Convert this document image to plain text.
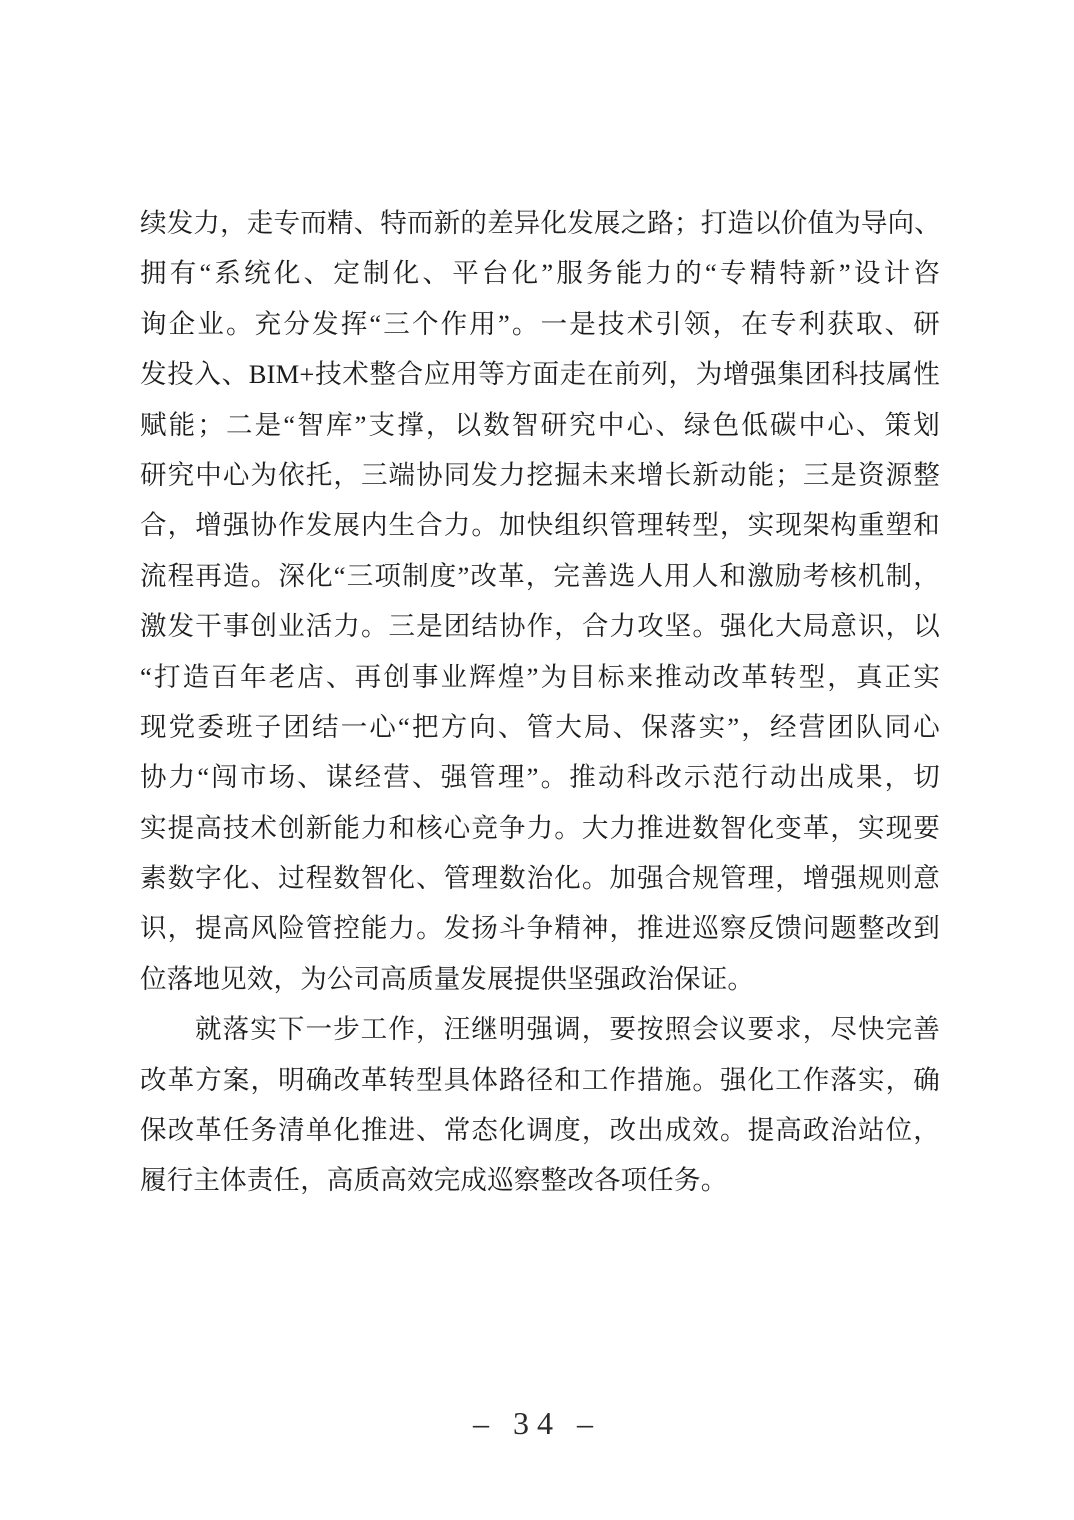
续发力，走专而精、特而新的差异化发展之路；打造以价值为导向、
拥有“系统化、定制化、平台化”服务能力的“专精特新”设计咨
询企业。充分发挥“三个作用”。一是技术引领，在专利获取、研
发投入、BIM+技术整合应用等方面走在前列，为增强集团科技属性
赋能；二是“智库”支撑，以数智研究中心、绿色低碳中心、策划
研究中心为依托，三端协同发力挖掘未来增长新动能；三是资源整
合，增强协作发展内生合力。加快组织管理转型，实现架构重塑和
流程再造。深化“三项制度”改革，完善选人用人和激励考核机制，
激发干事创业活力。三是团结协作，合力攻坚。强化大局意识，以
“打造百年老店、再创事业辉煌”为目标来推动改革转型，真正实
现党委班子团结一心“把方向、管大局、保落实”，经营团队同心
协力“闯市场、谋经营、强管理”。推动科改示范行动出成果，切
实提高技术创新能力和核心竞争力。大力推进数智化变革，实现要
素数字化、过程数智化、管理数治化。加强合规管理，增强规则意
识，提高风险管控能力。发扬斗争精神，推进巡察反馈问题整改到
位落地见效，为公司高质量发展提供坚强政治保证。
就落实下一步工作，汪继明强调，要按照会议要求，尽快完善
改革方案，明确改革转型具体路径和工作措施。强化工作落实，确
保改革任务清单化推进、常态化调度，改出成效。提高政治站位，
履行主体责任，高质高效完成巡察整改各项任务。
– 34 –
